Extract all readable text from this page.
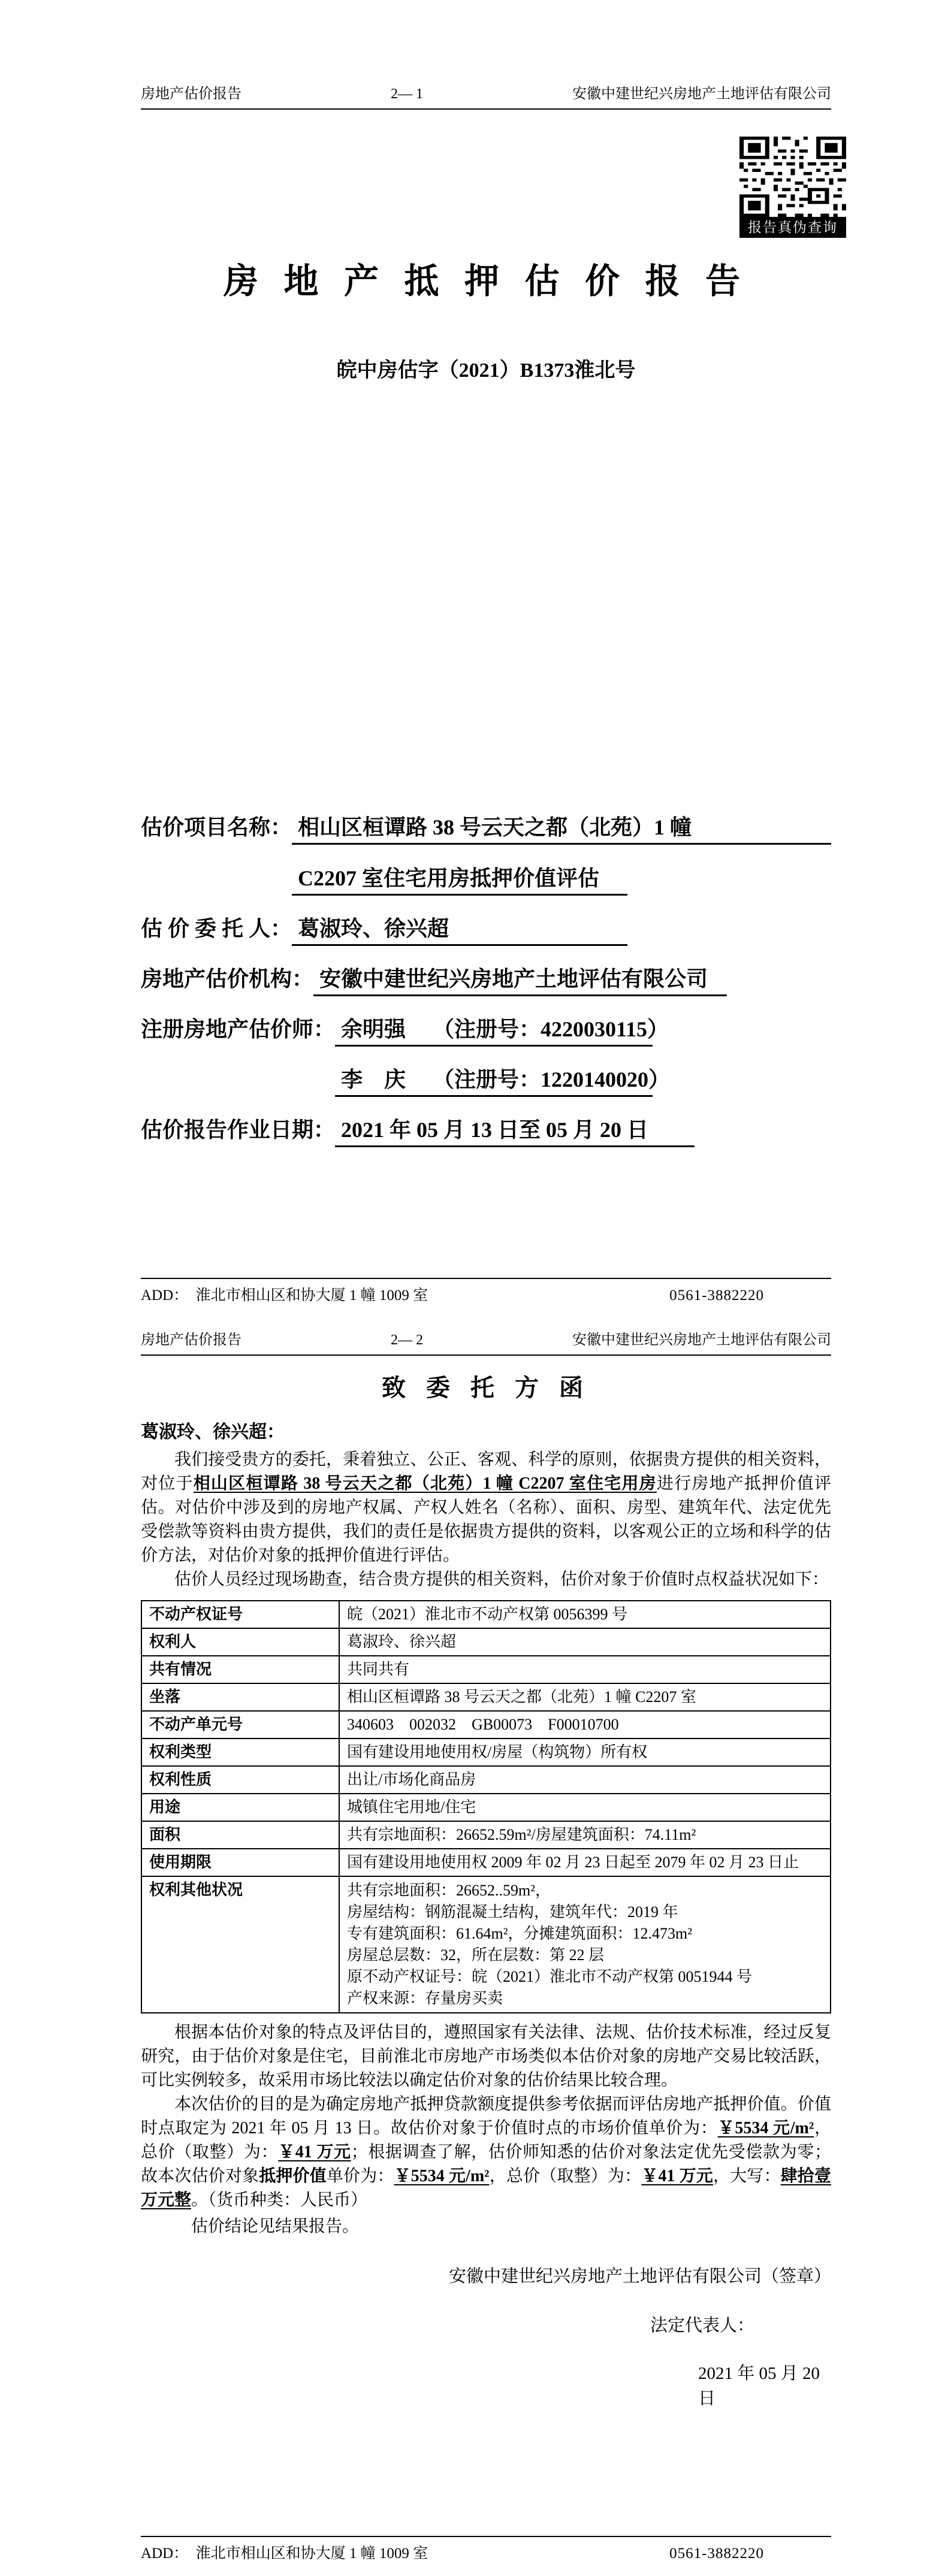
房地产估价报告	2— 1	安徽中建世纪兴房地产土地评估有限公司
报告真伪查询
房 地 产 抵 押 估 价 报 告
皖中房估字（2021）B1373淮北号
估价项目名称： 相山区桓谭路 38 号云天之都（北苑）1 幢
C2207 室住宅用房抵押价值评估
估 价 委 托 人： 葛淑玲、徐兴超
房地产估价机构： 安徽中建世纪兴房地产土地评估有限公司
注册房地产估价师： 余明强 （注册号：4220030115）
李　庆 （注册号：1220140020）
估价报告作业日期： 2021 年 05 月 13 日至 05 月 20 日
ADD：　淮北市相山区和协大厦 1 幢 1009 室	0561-3882220
房地产估价报告	2— 2	安徽中建世纪兴房地产土地评估有限公司
致 委 托 方 函
葛淑玲、徐兴超：

我们接受贵方的委托，秉着独立、公正、客观、科学的原则，依据贵方提供的相关资料，对位于相山区桓谭路 38 号云天之都（北苑）1 幢 C2207 室住宅用房进行房地产抵押价值评估。对估价中涉及到的房地产权属、产权人姓名（名称）、面积、房型、建筑年代、法定优先受偿款等资料由贵方提供，我们的责任是依据贵方提供的资料，以客观公正的立场和科学的估价方法，对估价对象的抵押价值进行评估。

估价人员经过现场勘查，结合贵方提供的相关资料，估价对象于价值时点权益状况如下：

不动产权证号	皖（2021）淮北市不动产权第 0056399 号
权利人	葛淑玲、徐兴超
共有情况	共同共有
坐落	相山区桓谭路 38 号云天之都（北苑）1 幢 C2207 室
不动产单元号	340603　002032　GB00073　F00010700
权利类型	国有建设用地使用权/房屋（构筑物）所有权
权利性质	出让/市场化商品房
用途	城镇住宅用地/住宅
面积	共有宗地面积：26652.59m²/房屋建筑面积：74.11m²
使用期限	国有建设用地使用权 2009 年 02 月 23 日起至 2079 年 02 月 23 日止
权利其他状况	共有宗地面积：26652..59m²，
房屋结构：钢筋混凝土结构，建筑年代：2019 年
专有建筑面积：61.64m²，分摊建筑面积：12.473m²
房屋总层数：32，所在层数：第 22 层
原不动产权证号：皖（2021）淮北市不动产权第 0051944 号
产权来源：存量房买卖

根据本估价对象的特点及评估目的，遵照国家有关法律、法规、估价技术标准，经过反复研究，由于估价对象是住宅，目前淮北市房地产市场类似本估价对象的房地产交易比较活跃，可比实例较多，故采用市场比较法以确定估价对象的估价结果比较合理。

本次估价的目的是为确定房地产抵押贷款额度提供参考依据而评估房地产抵押价值。价值时点取定为 2021 年 05 月 13 日。故估价对象于价值时点的市场价值单价为：￥5534 元/m²，总价（取整）为：￥41 万元；根据调查了解，估价师知悉的估价对象法定优先受偿款为零；故本次估价对象抵押价值单价为：￥5534 元/m²，总价（取整）为：￥41 万元，大写：肆拾壹万元整。（货币种类：人民币）

估价结论见结果报告。

安徽中建世纪兴房地产土地评估有限公司（签章）
法定代表人：
2021 年 05 月 20 日
ADD：　淮北市相山区和协大厦 1 幢 1009 室	0561-3882220
